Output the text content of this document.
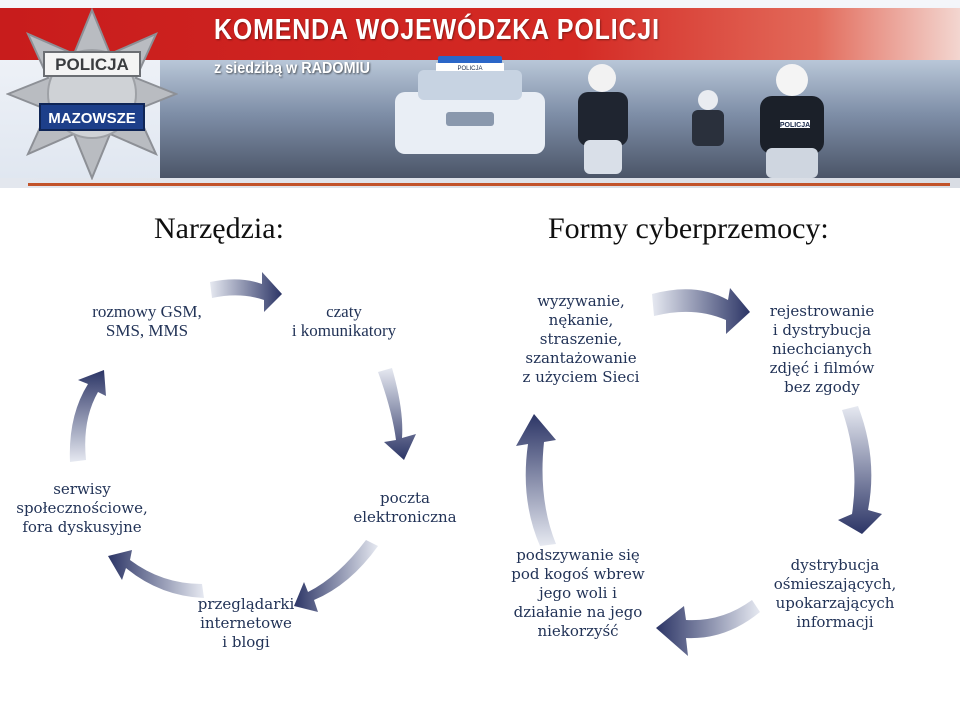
POLICJA
POLICJA
KOMENDA WOJEWÓDZKA POLICJI

z siedzibą w RADOMIU

POLICJA
MAZOWSZE
Narzędzia:	Formy cyberprzemocy:
rozmowy GSM,
SMS, MMS
czaty
i komunikatory
poczta
elektroniczna
przeglądarki
internetowe
i blogi
serwisy
społecznościowe,
fora dyskusyjne
wyzywanie,
nękanie,
straszenie,
szantażowanie
z użyciem Sieci
rejestrowanie
i dystrybucja
niechcianych
zdjęć i filmów
bez zgody
dystrybucja
ośmieszających,
upokarzających
informacji
podszywanie się
pod kogoś wbrew
jego woli i
działanie na jego
niekorzyść
